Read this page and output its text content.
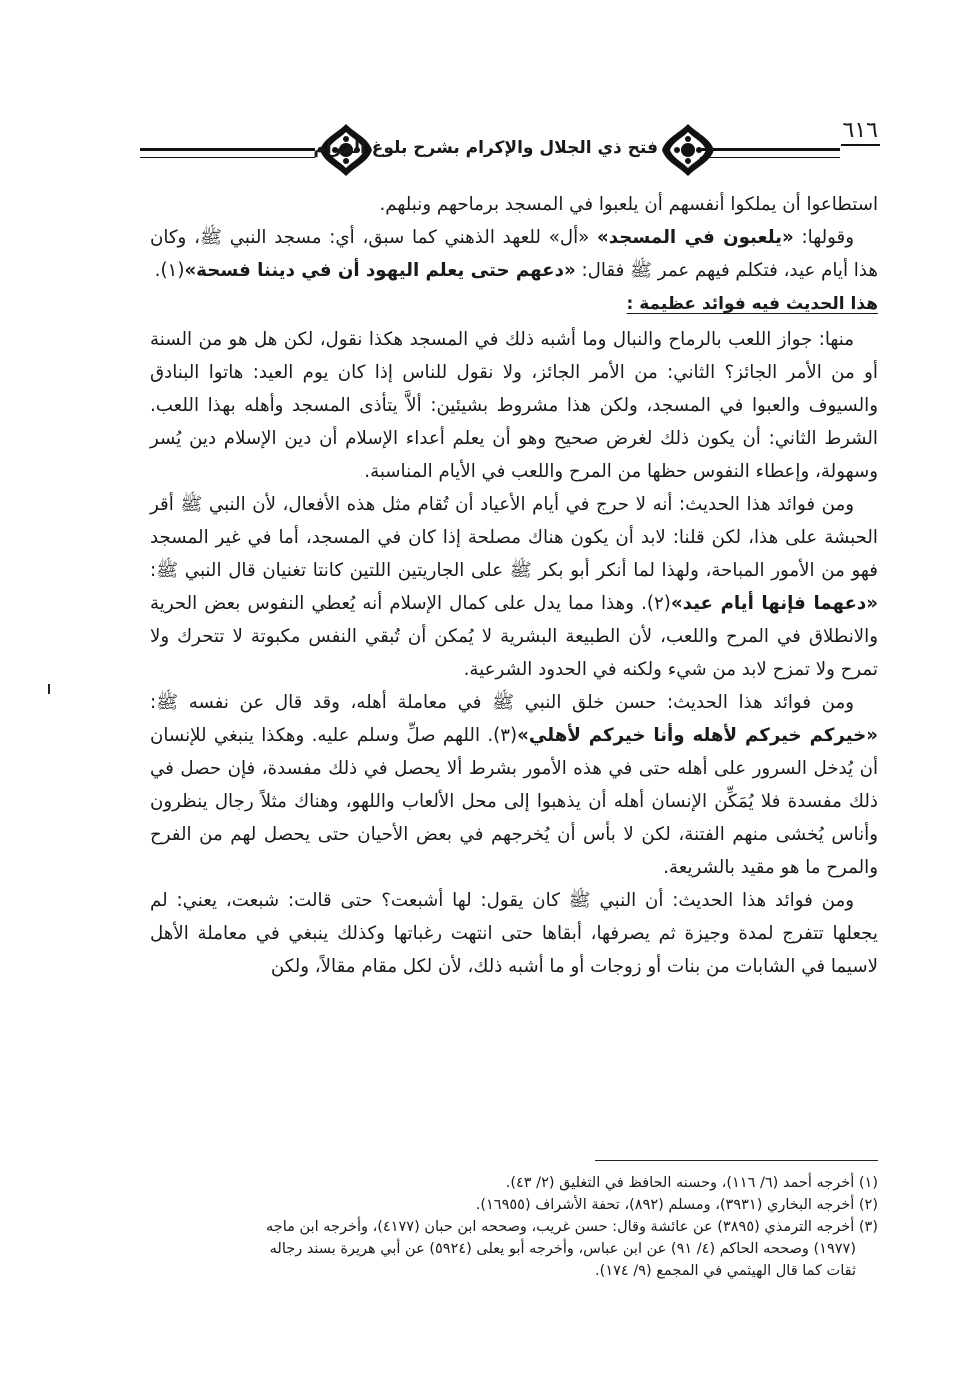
فتح ذي الجلال والإكرام بشرح بلوغ المرام
٦١٦

استطاعوا أن يملكوا أنفسهم أن يلعبوا في المسجد برماحهم ونبلهم.

وقولها: «يلعبون في المسجد» «أل» للعهد الذهني كما سبق، أي: مسجد النبي ﷺ، وكان هذا أيام عيد، فتكلم فيهم عمر ﷺ فقال: «دعهم حتى يعلم اليهود أن في ديننا فسحة»(١).

هذا الحديث فيه فوائد عظيمة :

منها: جواز اللعب بالرماح والنبال وما أشبه ذلك في المسجد هكذا نقول، لكن هل هو من السنة أو من الأمر الجائز؟ الثاني: من الأمر الجائز، ولا نقول للناس إذا كان يوم العيد: هاتوا البنادق والسيوف والعبوا في المسجد، ولكن هذا مشروط بشيئين: ألاَّ يتأذى المسجد وأهله بهذا اللعب. الشرط الثاني: أن يكون ذلك لغرض صحيح وهو أن يعلم أعداء الإسلام أن دين الإسلام دين يُسر وسهولة، وإعطاء النفوس حظها من المرح واللعب في الأيام المناسبة.

ومن فوائد هذا الحديث: أنه لا حرج في أيام الأعياد أن تُقام مثل هذه الأفعال، لأن النبي ﷺ أقر الحبشة على هذا، لكن قلنا: لابد أن يكون هناك مصلحة إذا كان في المسجد، أما في غير المسجد فهو من الأمور المباحة، ولهذا لما أنكر أبو بكر ﷺ على الجاريتين اللتين كانتا تغنيان قال النبي ﷺ: «دعهما فإنها أيام عيد»(٢). وهذا مما يدل على كمال الإسلام أنه يُعطي النفوس بعض الحرية والانطلاق في المرح واللعب، لأن الطبيعة البشرية لا يُمكن أن تُبقي النفس مكبوتة لا تتحرك ولا تمرح ولا تمزح لابد من شيء ولكنه في الحدود الشرعية.

ومن فوائد هذا الحديث: حسن خلق النبي ﷺ في معاملة أهله، وقد قال عن نفسه ﷺ: «خيركم خيركم لأهله وأنا خيركم لأهلي»(٣). اللهم صلِّ وسلم عليه. وهكذا ينبغي للإنسان أن يُدخل السرور على أهله حتى في هذه الأمور بشرط ألا يحصل في ذلك مفسدة، فإن حصل في ذلك مفسدة فلا يُمَكِّن الإنسان أهله أن يذهبوا إلى محل الألعاب واللهو، وهناك مثلاً رجال ينظرون وأناس يُخشى منهم الفتنة، لكن لا بأس أن يُخرجهم في بعض الأحيان حتى يحصل لهم من الفرح والمرح ما هو مقيد بالشريعة.

ومن فوائد هذا الحديث: أن النبي ﷺ كان يقول: لها أشبعت؟ حتى قالت: شبعت، يعني: لم يجعلها تتفرج لمدة وجيزة ثم يصرفها، أبقاها حتى انتهت رغباتها وكذلك ينبغي في معاملة الأهل لاسيما في الشابات من بنات أو زوجات أو ما أشبه ذلك، لأن لكل مقام مقالاً، ولكن

(١) أخرجه أحمد (٦/ ١١٦)، وحسنه الحافظ في التغليق (٢/ ٤٣).

(٢) أخرجه البخاري (٣٩٣١)، ومسلم (٨٩٢)، تحفة الأشراف (١٦٩٥٥).

(٣) أخرجه الترمذي (٣٨٩٥) عن عائشة وقال: حسن غريب، وصححه ابن حبان (٤١٧٧)، وأخرجه ابن ماجه

(١٩٧٧) وصححه الحاكم (٤/ ٩١) عن ابن عباس، وأخرجه أبو يعلى (٥٩٢٤) عن أبي هريرة بسند رجاله

ثقات كما قال الهيثمي في المجمع (٩/ ١٧٤).
